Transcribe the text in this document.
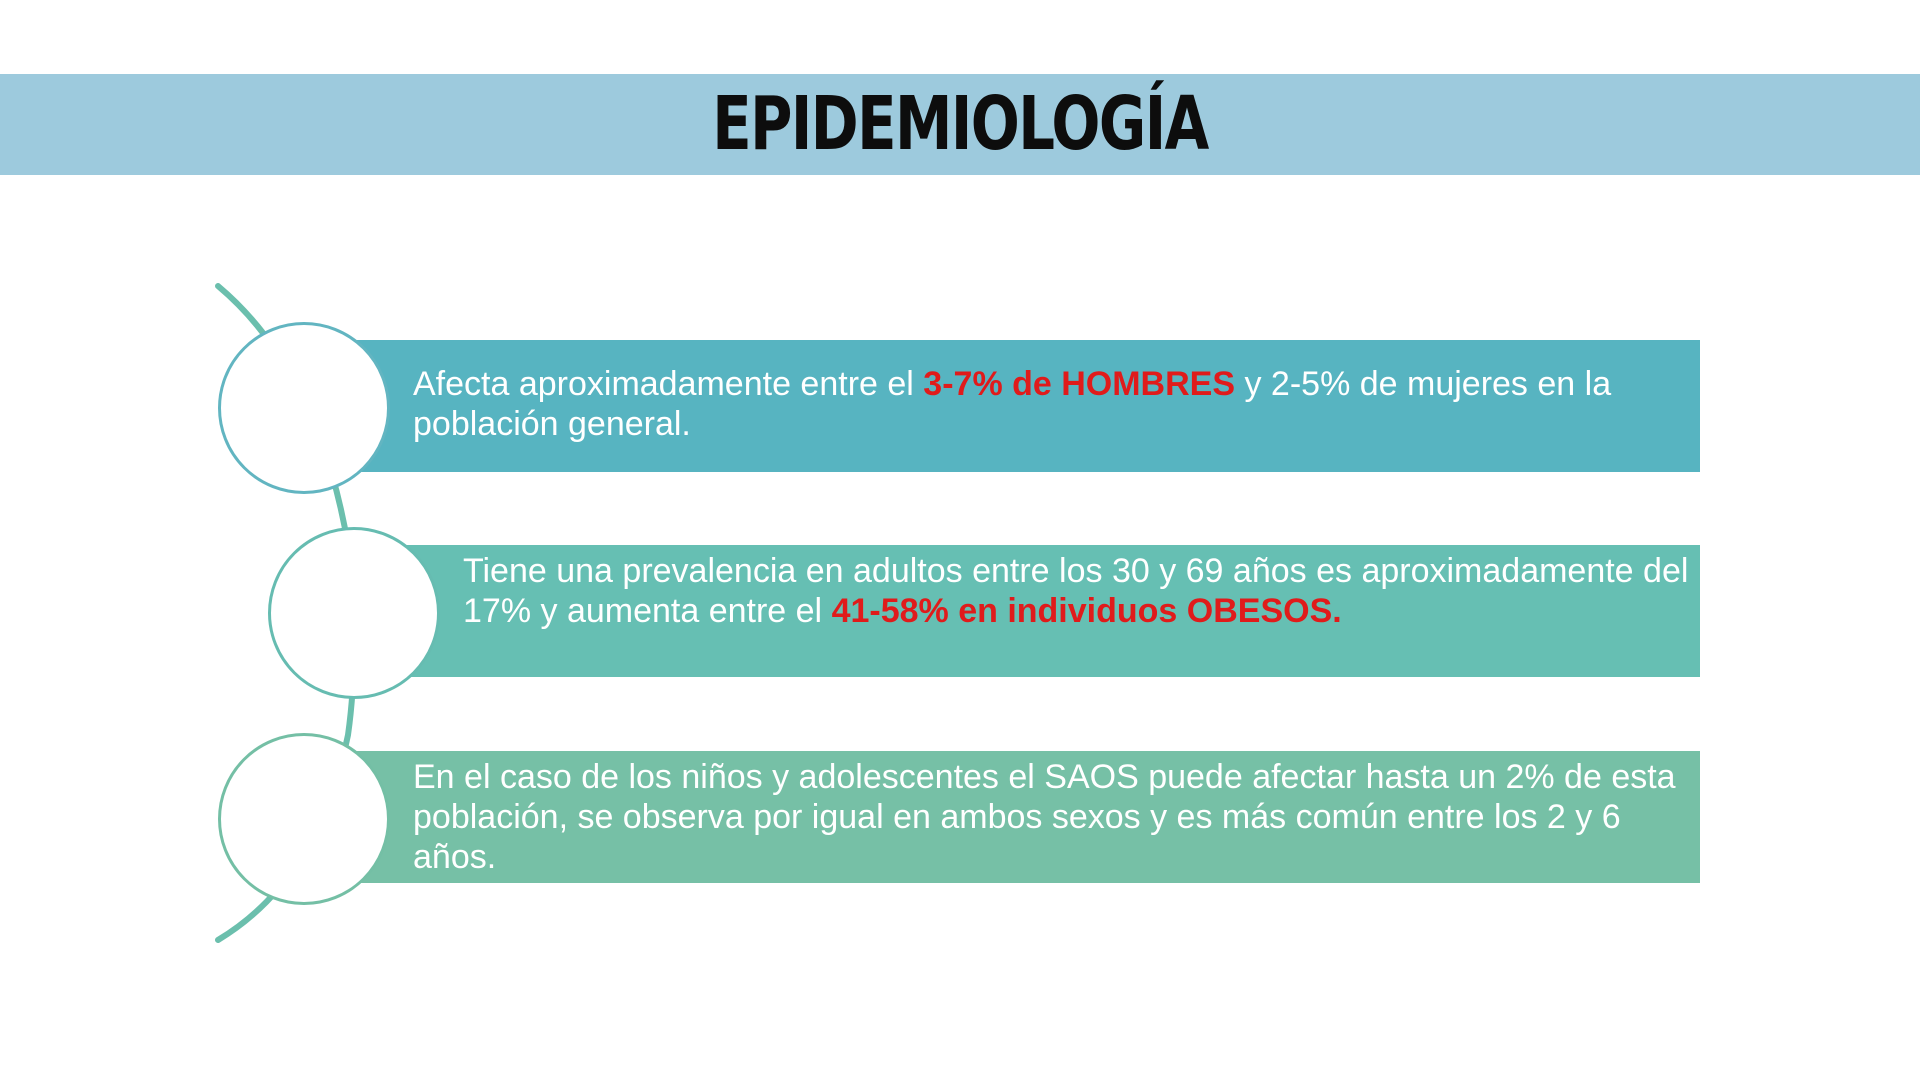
EPIDEMIOLOGÍA
Afecta aproximadamente entre el 3-7% de HOMBRES y 2-5% de mujeres en la población general.
Tiene una prevalencia en adultos entre los 30 y 69 años es aproximadamente del 17% y aumenta entre el 41-58% en individuos OBESOS.
En el caso de los niños y adolescentes el SAOS puede afectar hasta un 2% de esta población, se observa por igual en ambos sexos y es más común entre los 2 y 6 años.
